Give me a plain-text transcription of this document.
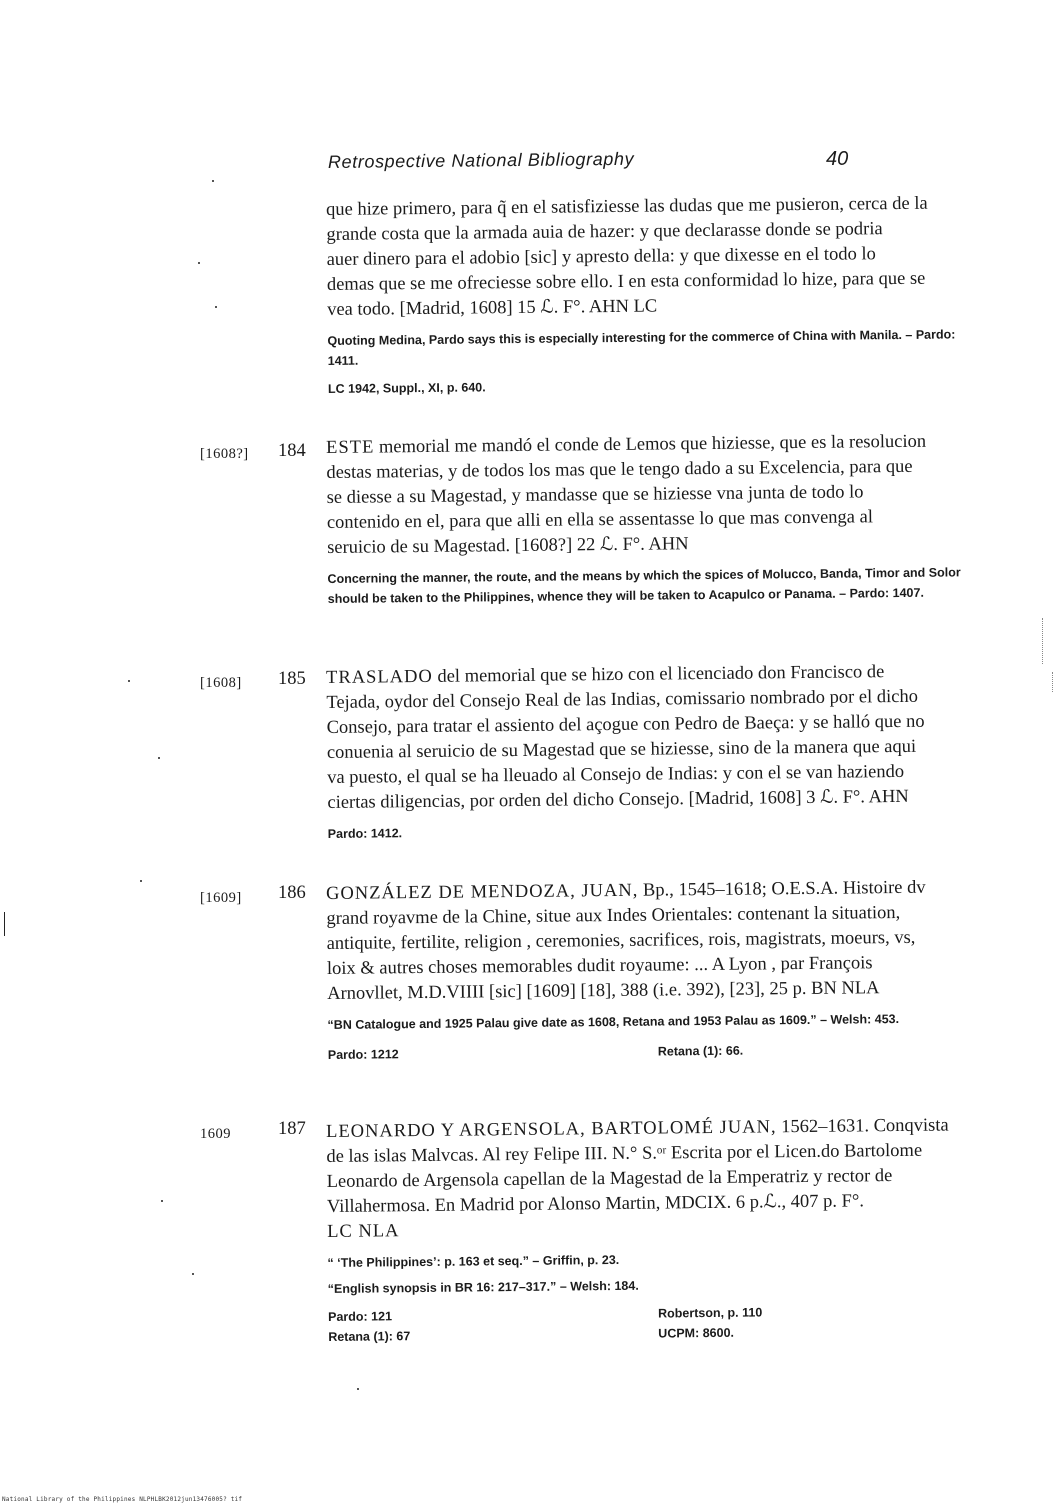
Retrospective National Bibliography	40

que hize primero, para q̃ en el satisfiziesse las dudas que me pusieron, cerca de la

grande costa que la armada auia de hazer: y que declarasse donde se podria

auer dinero para el adobio [sic] y apresto della: y que dixesse en el todo lo

demas que se me ofreciesse sobre ello. I en esta conformidad lo hize, para que se

vea todo. [Madrid, 1608] 15 ℒ. F°. AHN LC

Quoting Medina, Pardo says this is especially interesting for the commerce of China with Manila. – Pardo: 1411.

LC 1942, Suppl., XI, p. 640.

[1608?] 184 ESTE memorial me mandó el conde de Lemos que hiziesse, que es la resolucion

destas materias, y de todos los mas que le tengo dado a su Excelencia, para que

se diesse a su Magestad, y mandasse que se hiziesse vna junta de todo lo

contenido en el, para que alli en ella se assentasse lo que mas convenga al

seruicio de su Magestad. [1608?] 22 ℒ. F°. AHN

Concerning the manner, the route, and the means by which the spices of Molucco, Banda, Timor and Solor should be taken to the Philippines, whence they will be taken to Acapulco or Panama. – Pardo: 1407.

[1608] 185 TRASLADO del memorial que se hizo con el licenciado don Francisco de

Tejada, oydor del Consejo Real de las Indias, comissario nombrado por el dicho

Consejo, para tratar el assiento del açogue con Pedro de Baeça: y se halló que no

conuenia al seruicio de su Magestad que se hiziesse, sino de la manera que aqui

va puesto, el qual se ha lleuado al Consejo de Indias: y con el se van haziendo

ciertas diligencias, por orden del dicho Consejo. [Madrid, 1608] 3 ℒ. F°. AHN

Pardo: 1412.

[1609] 186 GONZÁLEZ DE MENDOZA, JUAN, Bp., 1545–1618; O.E.S.A. Histoire dv

grand royavme de la Chine, situe aux Indes Orientales: contenant la situation,

antiquite, fertilite, religion , ceremonies, sacrifices, rois, magistrats, moeurs, vs,

loix & autres choses memorables dudit royaume: ... A Lyon , par François

Arnovllet, M.D.VIIII [sic] [1609] [18], 388 (i.e. 392), [23], 25 p. BN NLA

“BN Catalogue and 1925 Palau give date as 1608, Retana and 1953 Palau as 1609.” – Welsh: 453.

Pardo: 1212	Retana (1): 66.
1609	187 LEONARDO Y ARGENSOLA, BARTOLOMÉ JUAN, 1562–1631. Conqvista

de las islas Malvcas. Al rey Felipe III. N.° S.ᵒʳ Escrita por el Licen.do Bartolome

Leonardo de Argensola capellan de la Magestad de la Emperatriz y rector de

Villahermosa. En Madrid por Alonso Martin, MDCIX. 6 p.ℒ., 407 p. F°.

LC NLA

“ ‘The Philippines’: p. 163 et seq.” – Griffin, p. 23.

“English synopsis in BR 16: 217–317.” – Welsh: 184.

Pardo: 121	Robertson, p. 110
Retana (1): 67	UCPM: 8600.
National Library of the Philippines NLPHLBK2012jun13476005? tif
